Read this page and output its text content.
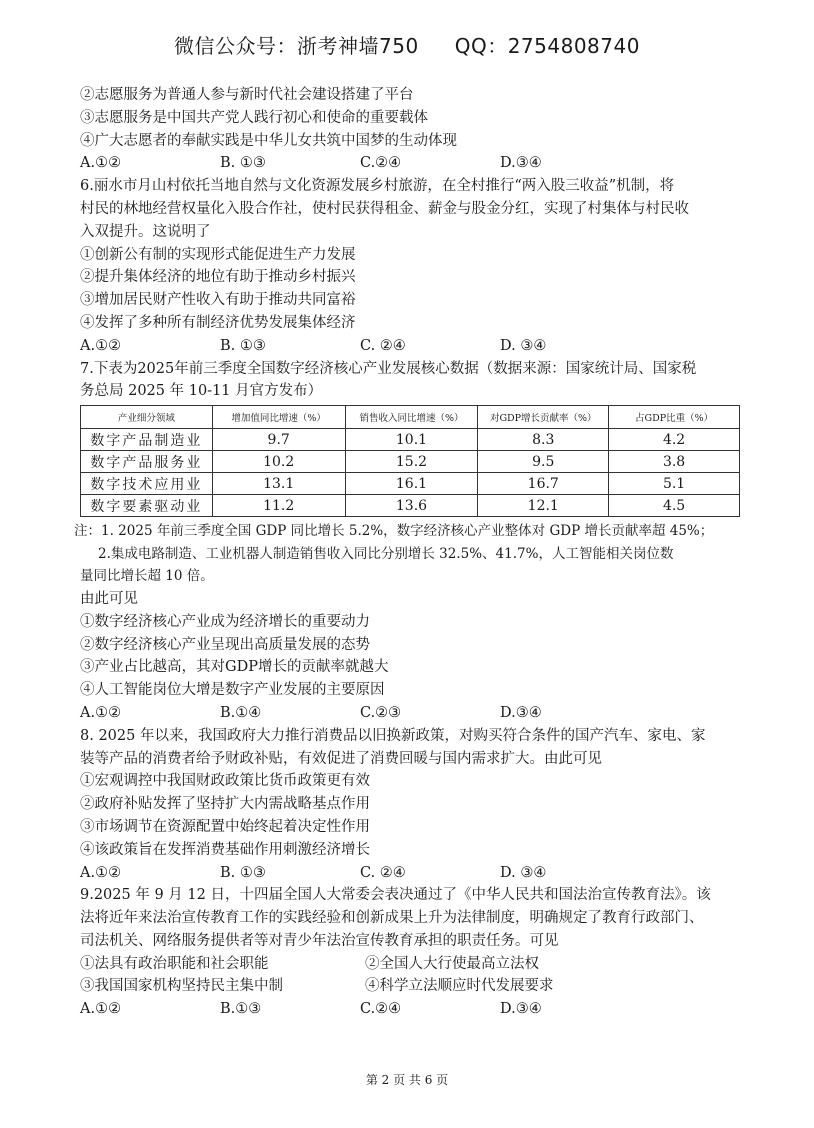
微信公众号：浙考神墙750 QQ：2754808740
②志愿服务为普通人参与新时代社会建设搭建了平台
③志愿服务是中国共产党人践行初心和使命的重要载体
④广大志愿者的奉献实践是中华儿女共筑中国梦的生动体现
A.①②	B. ①③	C.②④	D.③④
6.丽水市月山村依托当地自然与文化资源发展乡村旅游，在全村推行“两入股三收益”机制，将
村民的林地经营权量化入股合作社，使村民获得租金、薪金与股金分红，实现了村集体与村民收
入双提升。这说明了
①创新公有制的实现形式能促进生产力发展
②提升集体经济的地位有助于推动乡村振兴
③增加居民财产性收入有助于推动共同富裕
④发挥了多种所有制经济优势发展集体经济
A.①②	B. ①③	C. ②④	D. ③④
7.下表为2025年前三季度全国数字经济核心产业发展核心数据（数据来源：国家统计局、国家税
务总局 2025 年 10-11 月官方发布）
产业细分领域	增加值同比增速（%）	销售收入同比增速（%）	对GDP增长贡献率（%）	占GDP比重（%）
数字产品制造业	9.7	10.1	8.3	4.2
数字产品服务业	10.2	15.2	9.5	3.8
数字技术应用业	13.1	16.1	16.7	5.1
数字要素驱动业	11.2	13.6	12.1	4.5
注：1. 2025 年前三季度全国 GDP 同比增长 5.2%，数字经济核心产业整体对 GDP 增长贡献率超 45%；
2.集成电路制造、工业机器人制造销售收入同比分别增长 32.5%、41.7%，人工智能相关岗位数
量同比增长超 10 倍。
由此可见
①数字经济核心产业成为经济增长的重要动力
②数字经济核心产业呈现出高质量发展的态势
③产业占比越高，其对GDP增长的贡献率就越大
④人工智能岗位大增是数字产业发展的主要原因
A.①②	B.①④	C.②③	D.③④
8. 2025 年以来，我国政府大力推行消费品以旧换新政策，对购买符合条件的国产汽车、家电、家
装等产品的消费者给予财政补贴，有效促进了消费回暖与国内需求扩大。由此可见
①宏观调控中我国财政政策比货币政策更有效
②政府补贴发挥了坚持扩大内需战略基点作用
③市场调节在资源配置中始终起着决定性作用
④该政策旨在发挥消费基础作用刺激经济增长
A.①②	B. ①③	C. ②④	D. ③④
9.2025 年 9 月 12 日，十四届全国人大常委会表决通过了《中华人民共和国法治宣传教育法》。该
法将近年来法治宣传教育工作的实践经验和创新成果上升为法律制度，明确规定了教育行政部门、
司法机关、网络服务提供者等对青少年法治宣传教育承担的职责任务。可见
①法具有政治职能和社会职能	②全国人大行使最高立法权
③我国国家机构坚持民主集中制	④科学立法顺应时代发展要求
A.①②	B.①③	C.②④	D.③④
第 2 页 共 6 页
